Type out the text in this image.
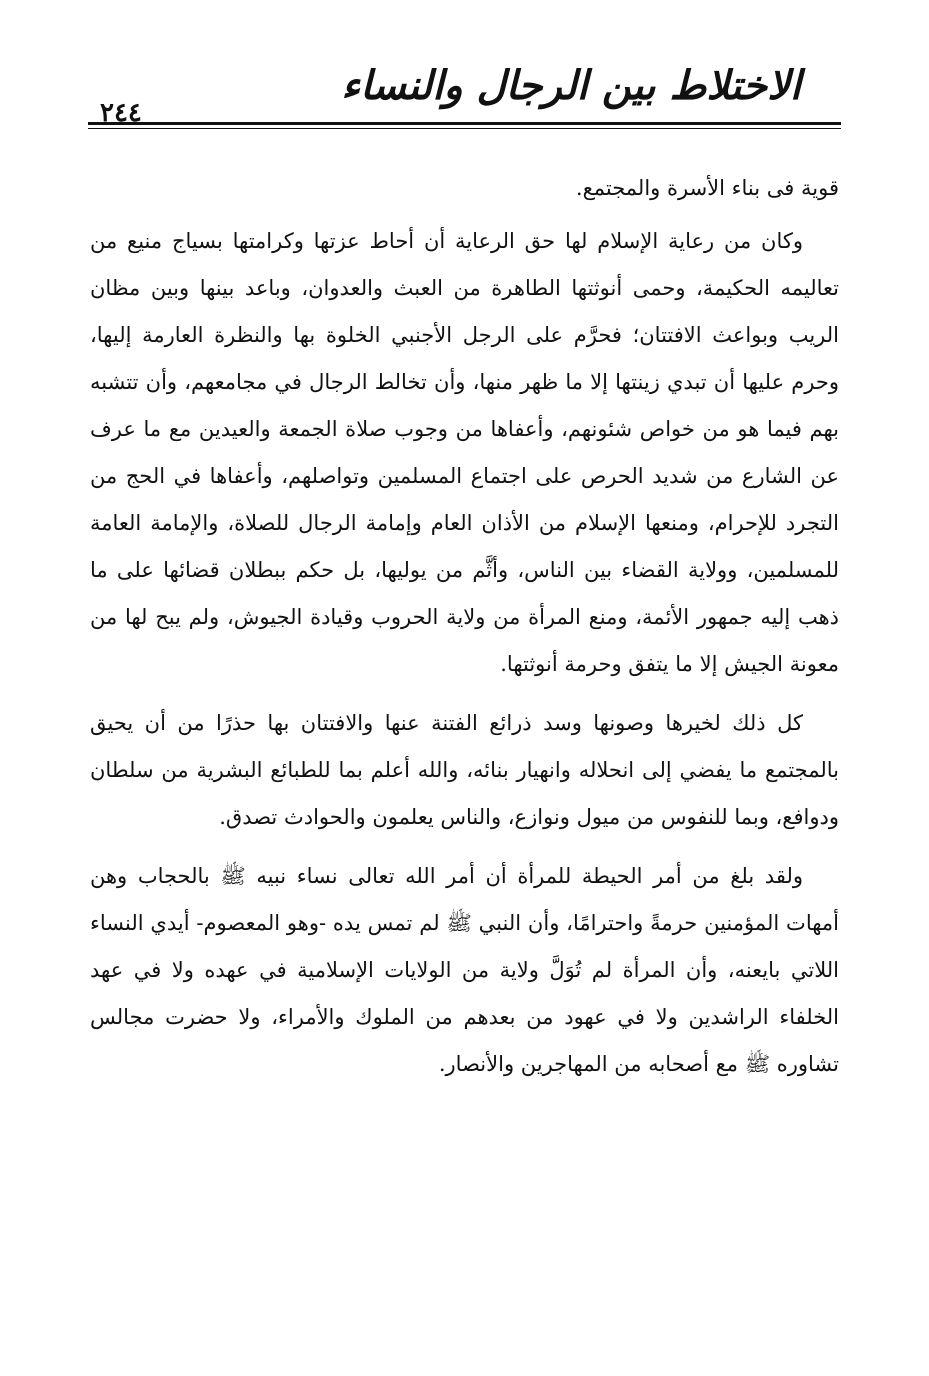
الاختلاط بين الرجال والنساء
٢٤٤

قوية فى بناء الأسرة والمجتمع.

وكان من رعاية الإسلام لها حق الرعاية أن أحاط عزتها وكرامتها بسياج منيع من تعاليمه الحكيمة، وحمى أنوثتها الطاهرة من العبث والعدوان، وباعد بينها وبين مظان الريب وبواعث الافتتان؛ فحرَّم على الرجل الأجنبي الخلوة بها والنظرة العارمة إليها، وحرم عليها أن تبدي زينتها إلا ما ظهر منها، وأن تخالط الرجال في مجامعهم، وأن تتشبه بهم فيما هو من خواص شئونهم، وأعفاها من وجوب صلاة الجمعة والعيدين مع ما عرف عن الشارع من شديد الحرص على اجتماع المسلمين وتواصلهم، وأعفاها في الحج من التجرد للإحرام، ومنعها الإسلام من الأذان العام وإمامة الرجال للصلاة، والإمامة العامة للمسلمين، وولاية القضاء بين الناس، وأثَّم من يوليها، بل حكم ببطلان قضائها على ما ذهب إليه جمهور الأئمة، ومنع المرأة من ولاية الحروب وقيادة الجيوش، ولم يبح لها من معونة الجيش إلا ما يتفق وحرمة أنوثتها.

كل ذلك لخيرها وصونها وسد ذرائع الفتنة عنها والافتتان بها حذرًا من أن يحيق بالمجتمع ما يفضي إلى انحلاله وانهيار بنائه، والله أعلم بما للطبائع البشرية من سلطان ودوافع، وبما للنفوس من ميول ونوازع، والناس يعلمون والحوادث تصدق.

ولقد بلغ من أمر الحيطة للمرأة أن أمر الله تعالى نساء نبيه ﷺ بالحجاب وهن أمهات المؤمنين حرمةً واحترامًا، وأن النبي ﷺ لم تمس يده -وهو المعصوم- أيدي النساء اللاتي بايعنه، وأن المرأة لم تُوَلَّ ولاية من الولايات الإسلامية في عهده ولا في عهد الخلفاء الراشدين ولا في عهود من بعدهم من الملوك والأمراء، ولا حضرت مجالس تشاوره ﷺ مع أصحابه من المهاجرين والأنصار.
